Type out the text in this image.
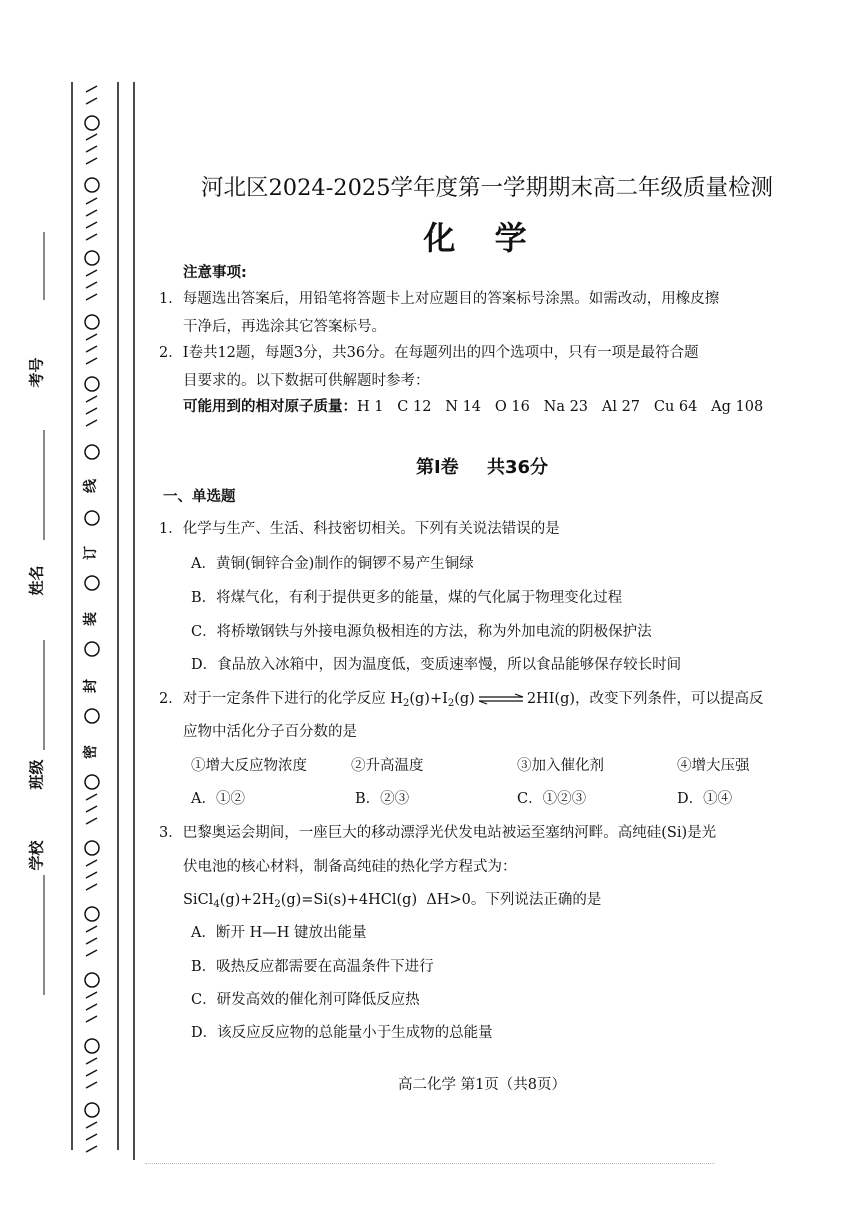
考号
姓名
班级
学校
线
订
装
封
密
河北区2024-2025学年度第一学期期末高二年级质量检测
化 学
注意事项:
1．每题选出答案后，用铅笔将答题卡上对应题目的答案标号涂黑。如需改动，用橡皮擦
干净后，再选涂其它答案标号。
2．Ⅰ卷共12题，每题3分，共36分。在每题列出的四个选项中，只有一项是最符合题
目要求的。以下数据可供解题时参考：
可能用到的相对原子质量：H 1   C 12   N 14   O 16   Na 23   Al 27   Cu 64   Ag 108
第Ⅰ卷 共36分
一、单选题
1．化学与生产、生活、科技密切相关。下列有关说法错误的是
A．黄铜(铜锌合金)制作的铜锣不易产生铜绿
B．将煤气化，有利于提供更多的能量，煤的气化属于物理变化过程
C．将桥墩钢铁与外接电源负极相连的方法，称为外加电流的阴极保护法
D．食品放入冰箱中，因为温度低，变质速率慢，所以食品能够保存较长时间
2．对于一定条件下进行的化学反应 $H_2(g)+I_2(g)\rightleftharpoons 2HI(g)$，改变下列条件，可以提高反
应物中活化分子百分数的是
①增大反应物浓度	②升高温度	③加入催化剂	④增大压强
A．①②	B．②③	C．①②③	D．①④
3．巴黎奥运会期间，一座巨大的移动漂浮光伏发电站被运至塞纳河畔。高纯硅(Si)是光
伏电池的核心材料，制备高纯硅的热化学方程式为：
$SiCl_4(g)+2H_2(g)=Si(s)+4HCl(g)$  ΔH>0。下列说法正确的是
A．断开 H—H 键放出能量
B．吸热反应都需要在高温条件下进行
C．研发高效的催化剂可降低反应热
D．该反应反应物的总能量小于生成物的总能量
高二化学 第1页（共8页）
